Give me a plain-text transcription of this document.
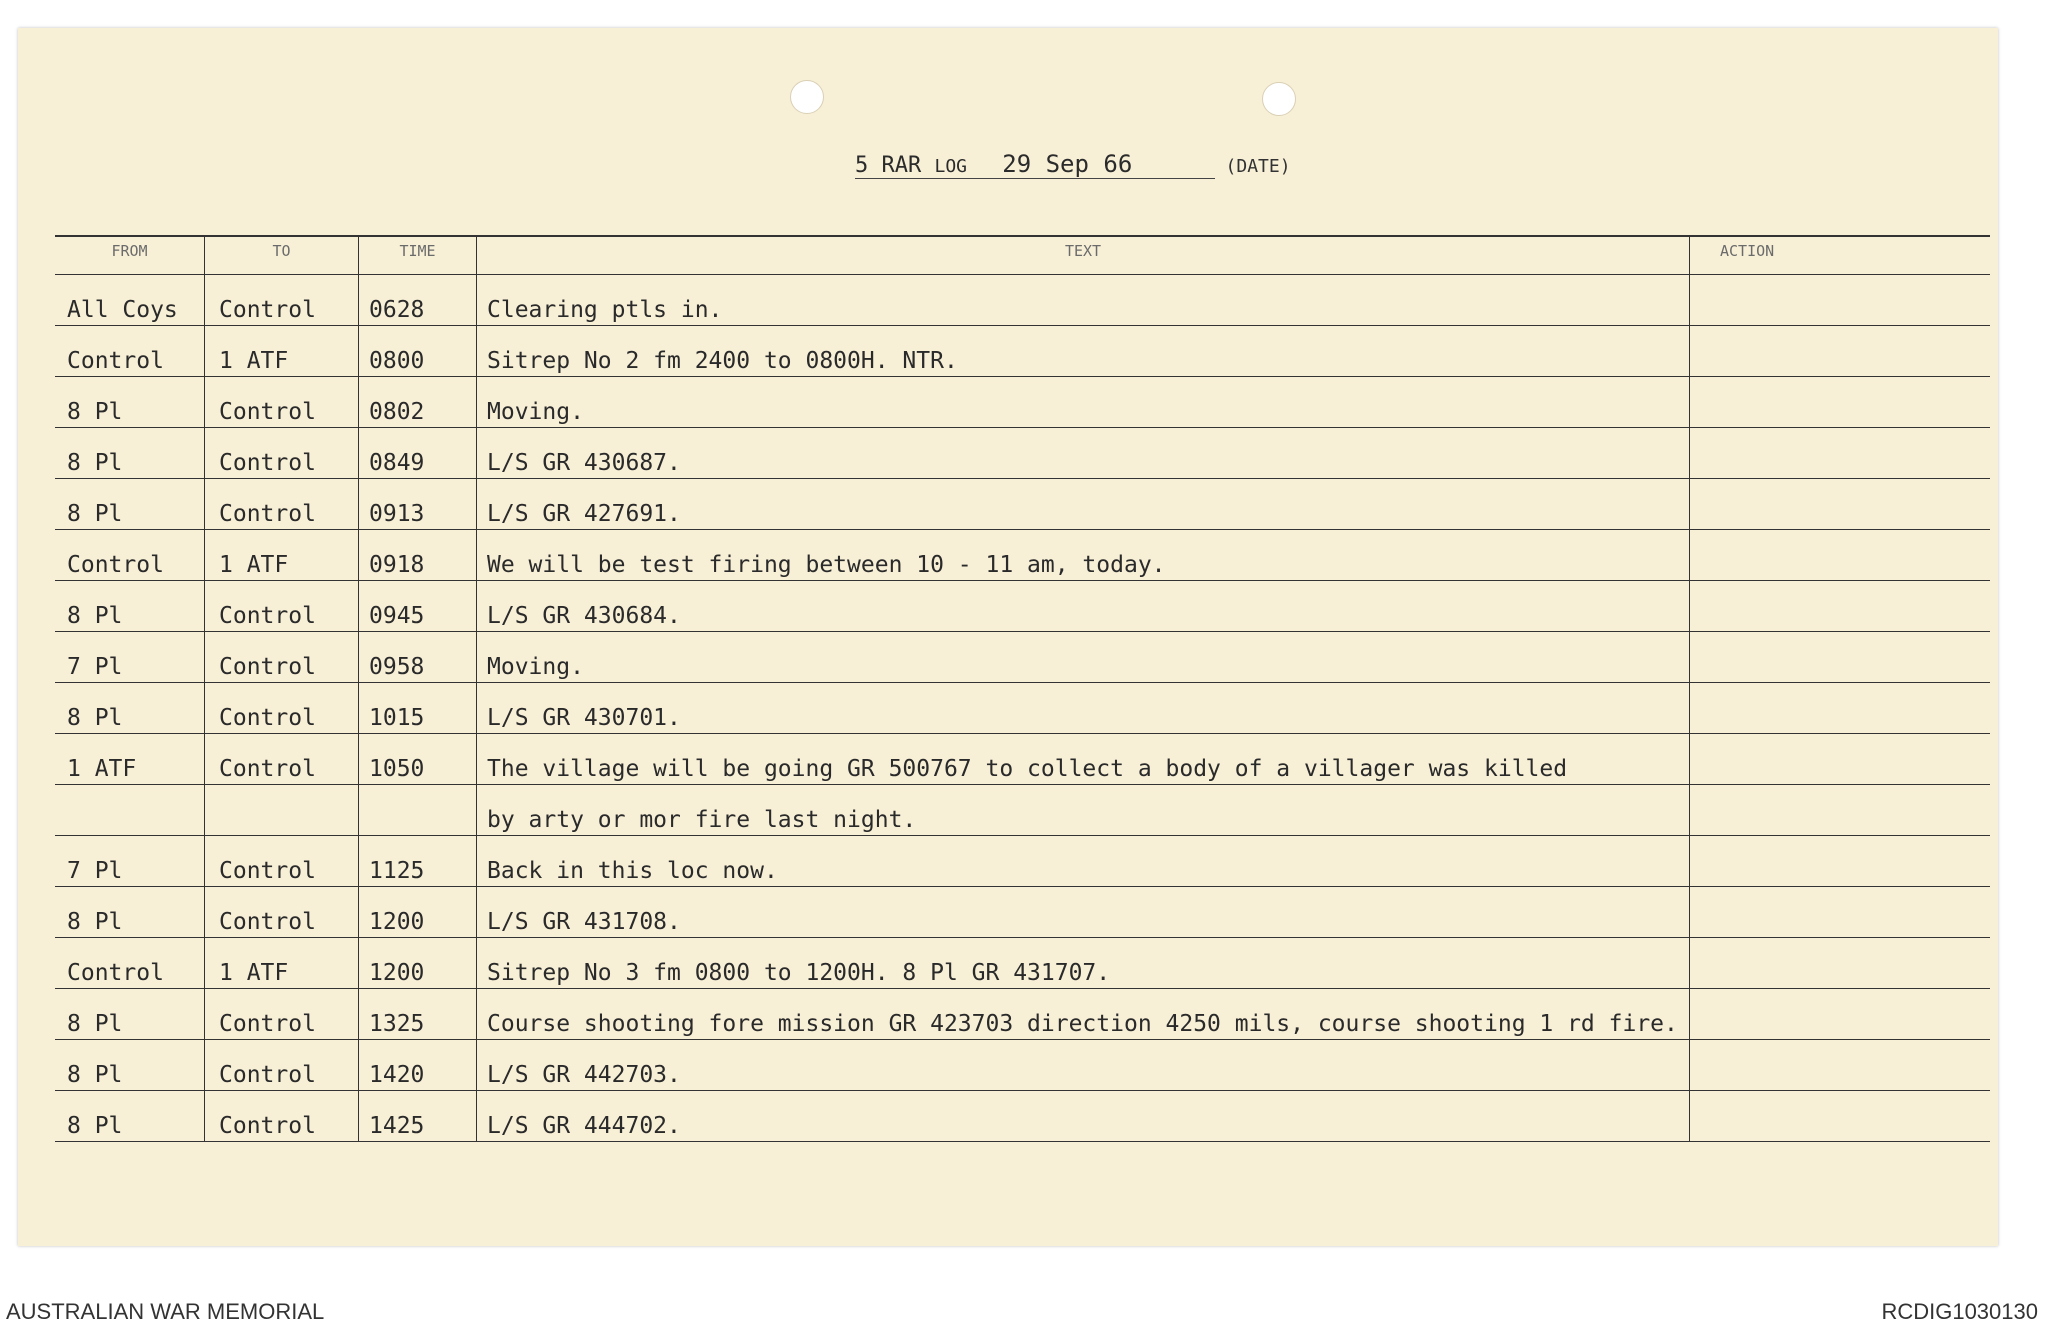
5 RAR LOG 29 Sep 66	(DATE)
FROM	TO	TIME	TEXT	ACTION
All Coys	Control	0628	Clearing ptls in.
Control	1 ATF	0800	Sitrep No 2 fm 2400 to 0800H. NTR.
8 Pl	Control	0802	Moving.
8 Pl	Control	0849	L/S GR 430687.
8 Pl	Control	0913	L/S GR 427691.
Control	1 ATF	0918	We will be test firing between 10 - 11 am, today.
8 Pl	Control	0945	L/S GR 430684.
7 Pl	Control	0958	Moving.
8 Pl	Control	1015	L/S GR 430701.
1 ATF	Control	1050	The village will be going GR 500767 to collect a body of a villager was killed
by arty or mor fire last night.
7 Pl	Control	1125	Back in this loc now.
8 Pl	Control	1200	L/S GR 431708.
Control	1 ATF	1200	Sitrep No 3 fm 0800 to 1200H. 8 Pl GR 431707.
8 Pl	Control	1325	Course shooting fore mission GR 423703 direction 4250 mils, course shooting 1 rd fire.
8 Pl	Control	1420	L/S GR 442703.
8 Pl	Control	1425	L/S GR 444702.
AUSTRALIAN WAR MEMORIAL	RCDIG1030130
